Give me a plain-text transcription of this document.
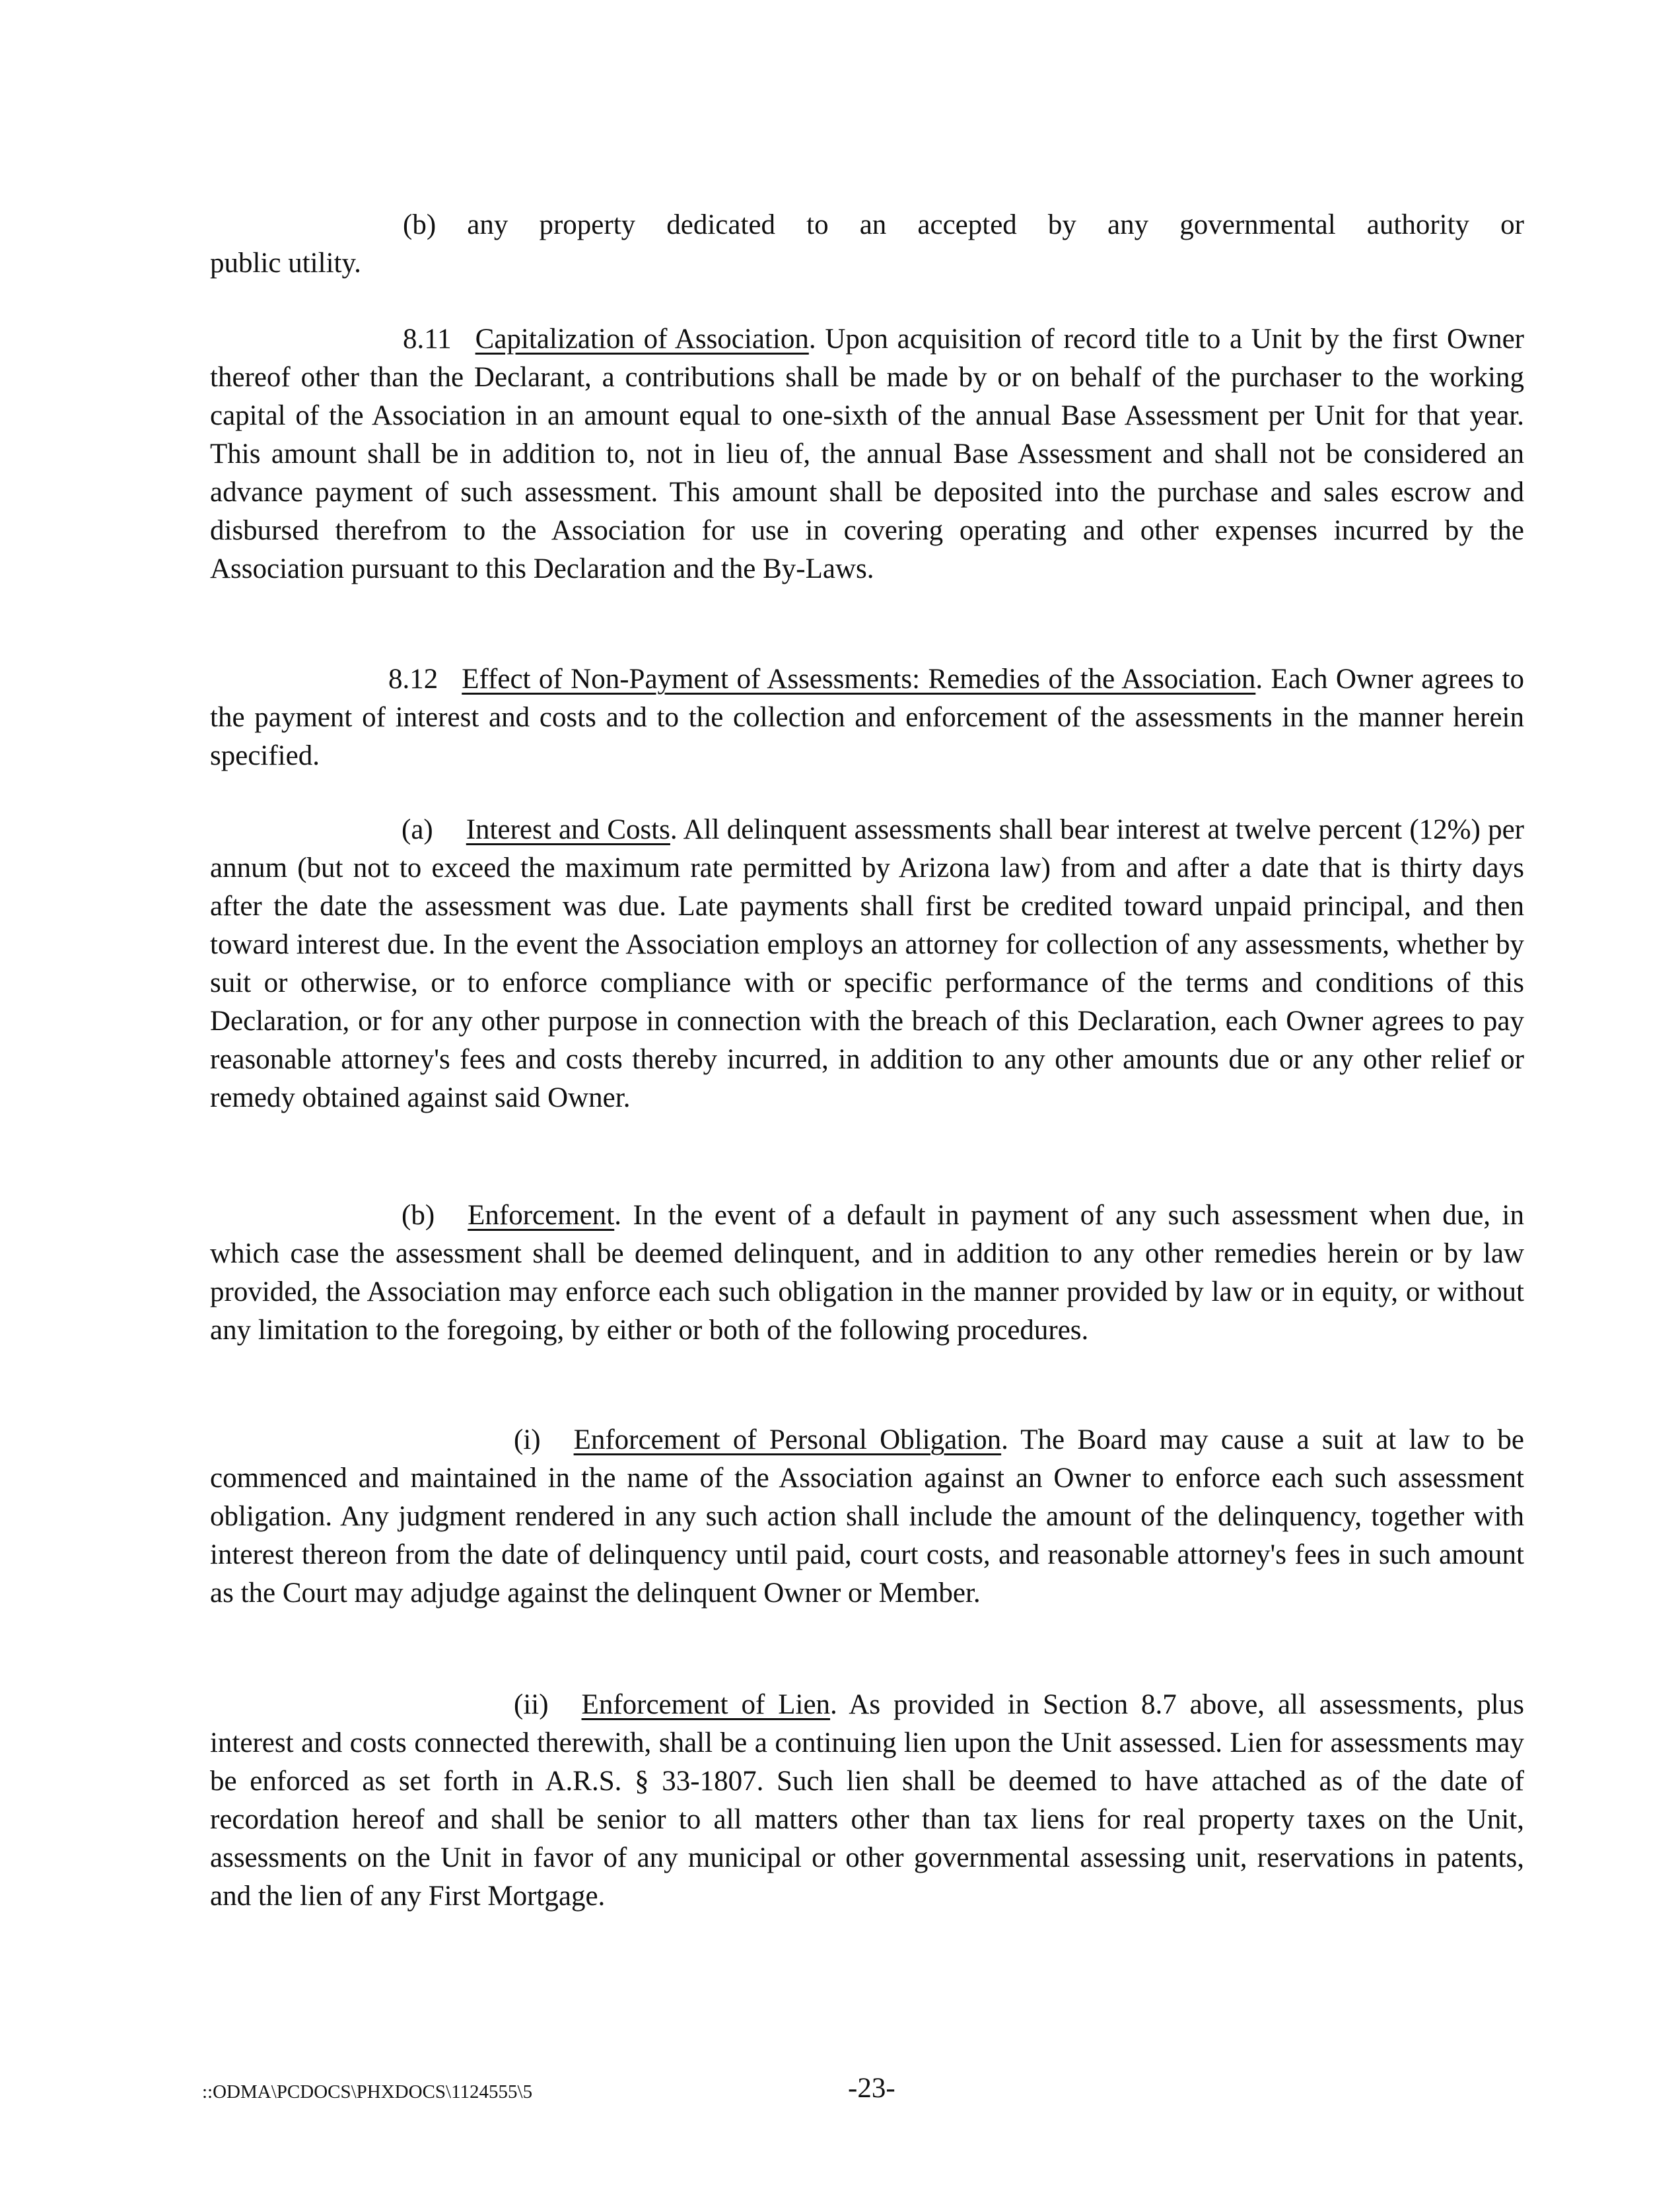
(b) any property dedicated to an accepted by any governmental authority or
public utility.
8.11 Capitalization of Association. Upon acquisition of record title to a Unit by the first Owner thereof other than the Declarant, a contributions shall be made by or on behalf of the purchaser to the working capital of the Association in an amount equal to one-sixth of the annual Base Assessment per Unit for that year. This amount shall be in addition to, not in lieu of, the annual Base Assessment and shall not be considered an advance payment of such assessment. This amount shall be deposited into the purchase and sales escrow and disbursed therefrom to the Association for use in covering operating and other expenses incurred by the Association pursuant to this Declaration and the By-Laws.
8.12 Effect of Non-Payment of Assessments: Remedies of the Association. Each Owner agrees to the payment of interest and costs and to the collection and enforcement of the assessments in the manner herein specified.
(a) Interest and Costs. All delinquent assessments shall bear interest at twelve percent (12%) per annum (but not to exceed the maximum rate permitted by Arizona law) from and after a date that is thirty days after the date the assessment was due. Late payments shall first be credited toward unpaid principal, and then toward interest due. In the event the Association employs an attorney for collection of any assessments, whether by suit or otherwise, or to enforce compliance with or specific performance of the terms and conditions of this Declaration, or for any other purpose in connection with the breach of this Declaration, each Owner agrees to pay reasonable attorney's fees and costs thereby incurred, in addition to any other amounts due or any other relief or remedy obtained against said Owner.
(b) Enforcement. In the event of a default in payment of any such assessment when due, in which case the assessment shall be deemed delinquent, and in addition to any other remedies herein or by law provided, the Association may enforce each such obligation in the manner provided by law or in equity, or without any limitation to the foregoing, by either or both of the following procedures.
(i) Enforcement of Personal Obligation. The Board may cause a suit at law to be commenced and maintained in the name of the Association against an Owner to enforce each such assessment obligation. Any judgment rendered in any such action shall include the amount of the delinquency, together with interest thereon from the date of delinquency until paid, court costs, and reasonable attorney's fees in such amount as the Court may adjudge against the delinquent Owner or Member.
(ii) Enforcement of Lien. As provided in Section 8.7 above, all assessments, plus interest and costs connected therewith, shall be a continuing lien upon the Unit assessed. Lien for assessments may be enforced as set forth in A.R.S. § 33-1807. Such lien shall be deemed to have attached as of the date of recordation hereof and shall be senior to all matters other than tax liens for real property taxes on the Unit, assessments on the Unit in favor of any municipal or other governmental assessing unit, reservations in patents, and the lien of any First Mortgage.
::ODMA\PCDOCS\PHXDOCS\1124555\5	-23-
